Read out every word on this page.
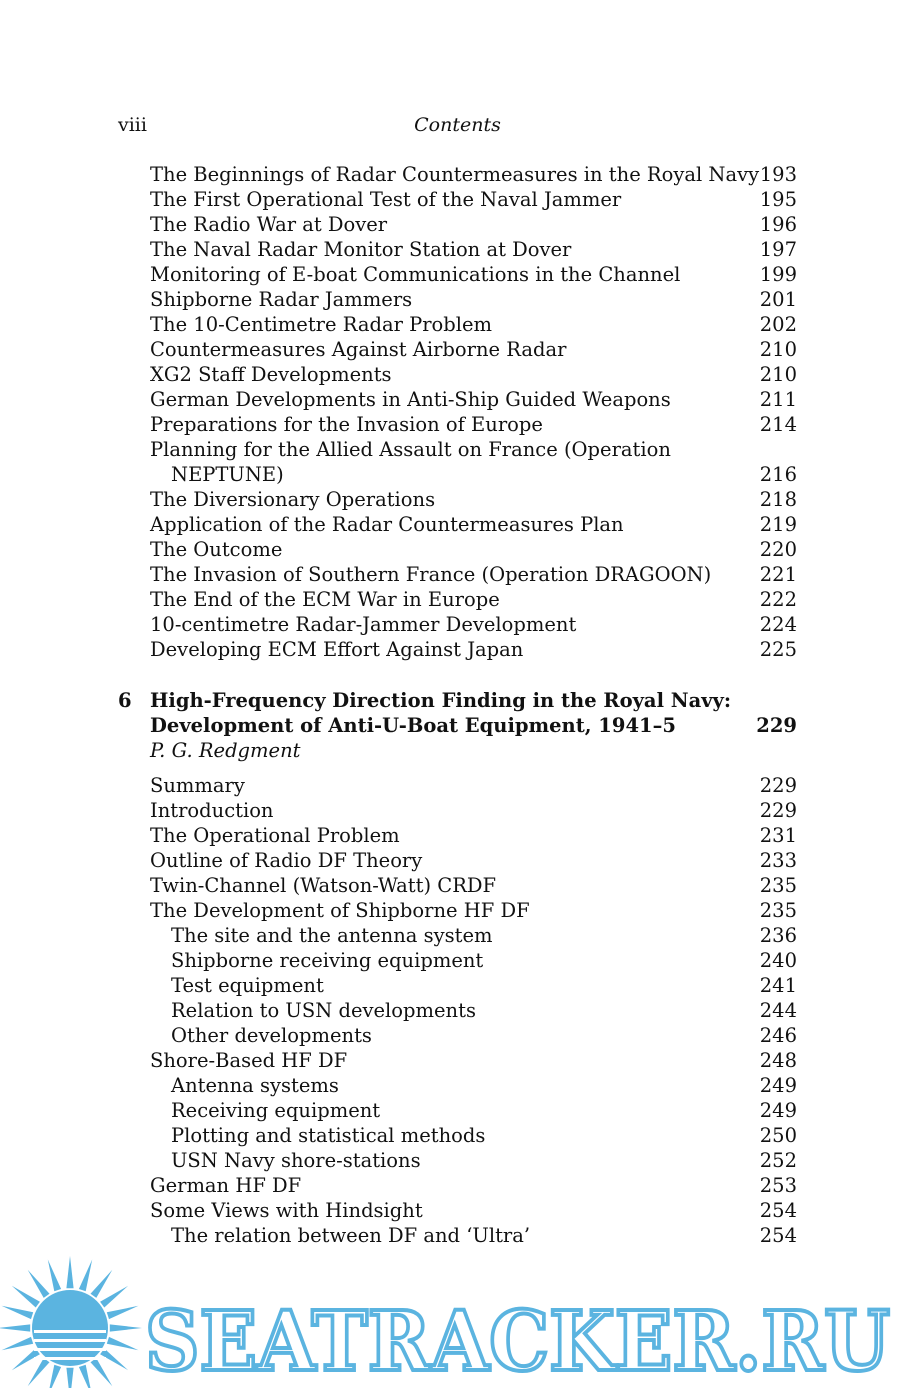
viii	Contents
The Beginnings of Radar Countermeasures in the Royal Navy 193
The First Operational Test of the Naval Jammer	195
The Radio War at Dover	196
The Naval Radar Monitor Station at Dover	197
Monitoring of E-boat Communications in the Channel	199
Shipborne Radar Jammers	201
The 10-Centimetre Radar Problem	202
Countermeasures Against Airborne Radar	210
XG2 Staff Developments	210
German Developments in Anti-Ship Guided Weapons	211
Preparations for the Invasion of Europe	214
Planning for the Allied Assault on France (Operation
NEPTUNE)	216
The Diversionary Operations	218
Application of the Radar Countermeasures Plan	219
The Outcome	220
The Invasion of Southern France (Operation DRAGOON) 221
The End of the ECM War in Europe	222
10-centimetre Radar-Jammer Development	224
Developing ECM Effort Against Japan	225
6 High-Frequency Direction Finding in the Royal Navy:
Development of Anti-U-Boat Equipment, 1941–5	229
P. G. Redgment
Summary	229
Introduction	229
The Operational Problem	231
Outline of Radio DF Theory	233
Twin-Channel (Watson-Watt) CRDF	235
The Development of Shipborne HF DF	235
The site and the antenna system	236
Shipborne receiving equipment	240
Test equipment	241
Relation to USN developments	244
Other developments	246
Shore-Based HF DF	248
Antenna systems	249
Receiving equipment	249
Plotting and statistical methods	250
USN Navy shore-stations	252
German HF DF	253
Some Views with Hindsight	254
The relation between DF and ‘Ultra’	254
SEATRACKER.RU
